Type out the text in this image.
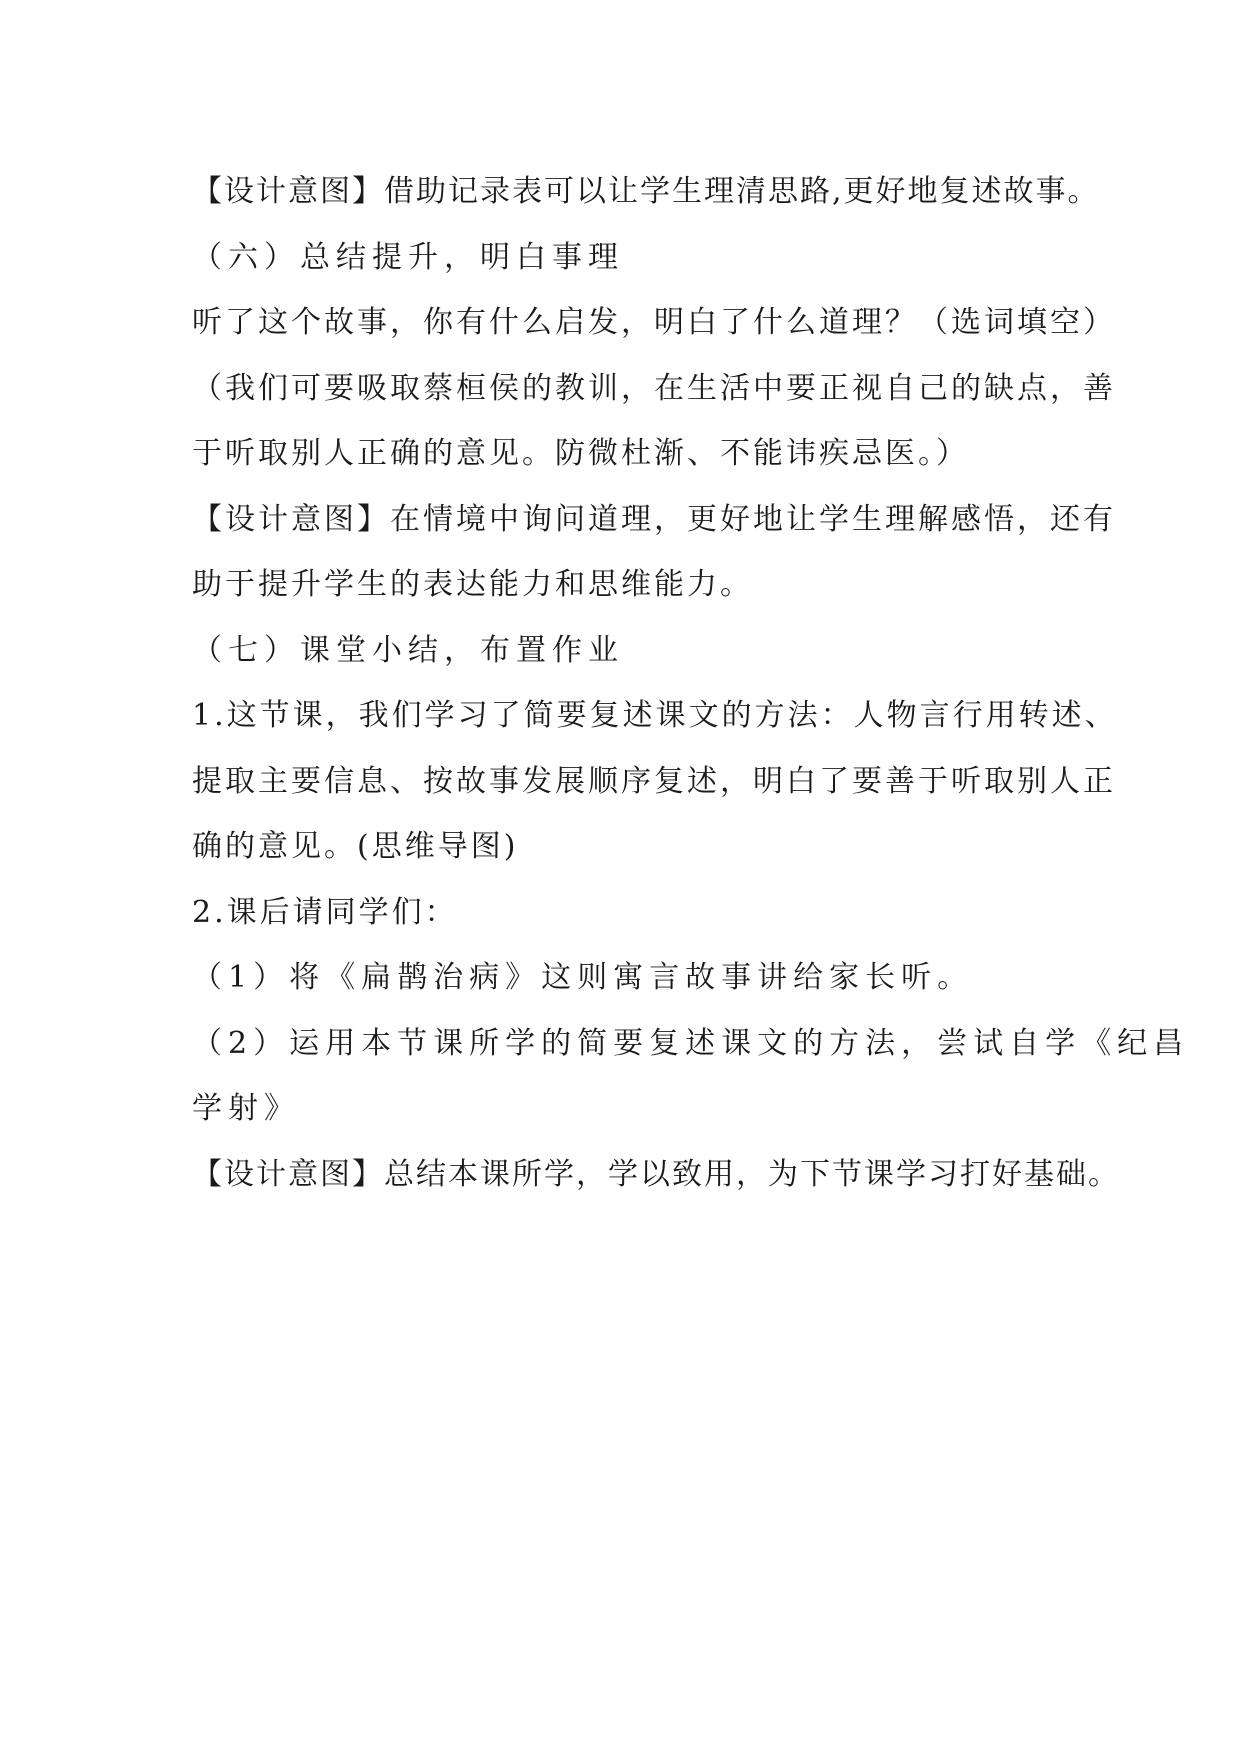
【设计意图】借助记录表可以让学生理清思路,更好地复述故事。
（六）总结提升，明白事理
听了这个故事，你有什么启发，明白了什么道理？（选词填空）
（我们可要吸取蔡桓侯的教训，在生活中要正视自己的缺点，善
于听取别人正确的意见。防微杜渐、不能讳疾忌医。）
【设计意图】在情境中询问道理，更好地让学生理解感悟，还有
助于提升学生的表达能力和思维能力。
（七）课堂小结，布置作业
1.这节课，我们学习了简要复述课文的方法：人物言行用转述、
提取主要信息、按故事发展顺序复述，明白了要善于听取别人正
确的意见。(思维导图)
2.课后请同学们：
（1）将《扁鹊治病》这则寓言故事讲给家长听。
（2）运用本节课所学的简要复述课文的方法，尝试自学《纪昌
学射》
【设计意图】总结本课所学，学以致用，为下节课学习打好基础。
